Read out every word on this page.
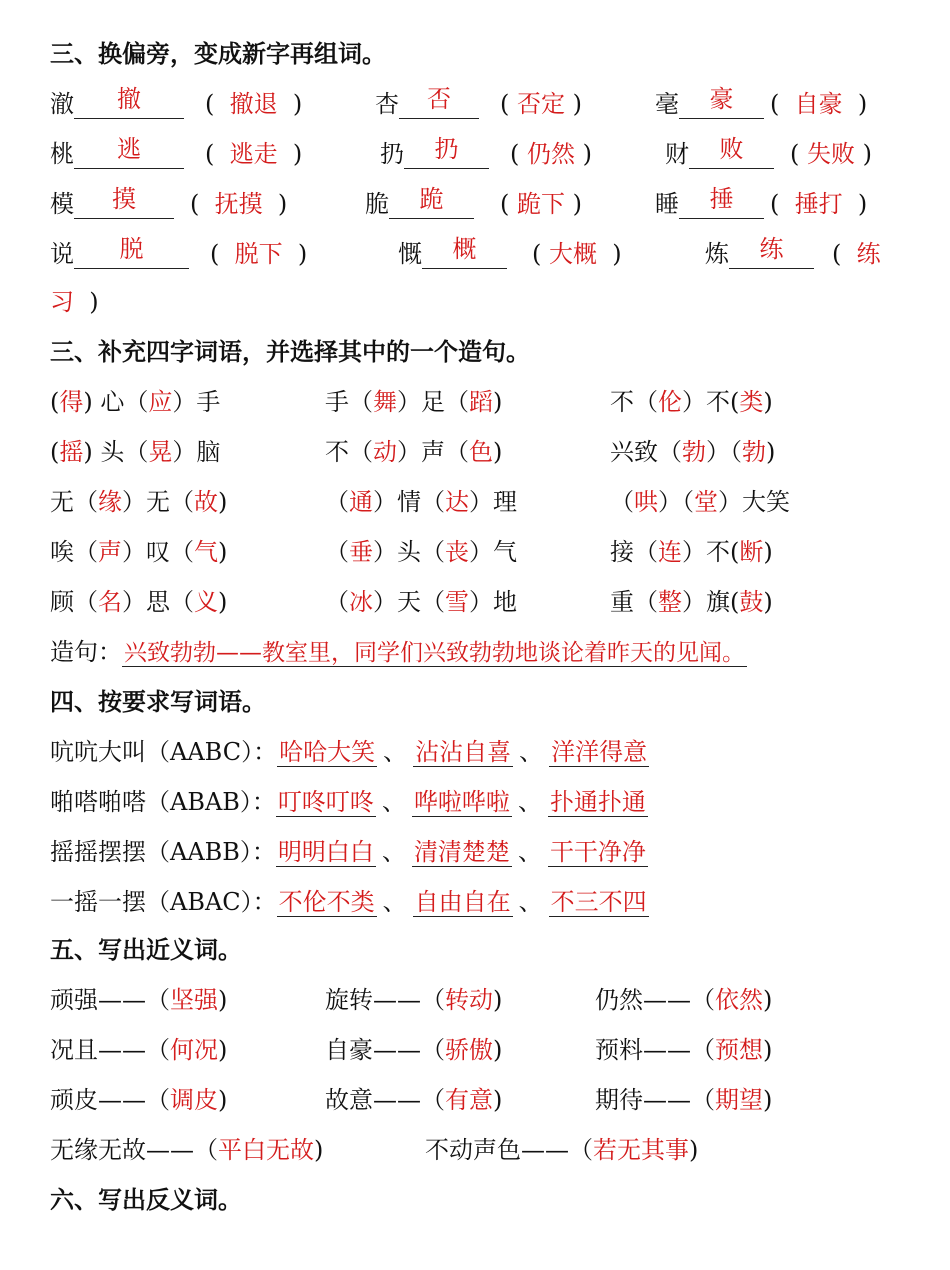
三、换偏旁，变成新字再组词。
澈 撤	(  撤退  )	杏 否	( 否定 )	毫 豪	(  自豪  )
桃 逃	(  逃走  )	扔 扔	( 仍然 )	财 败	( 失败 )
模 摸	(  抚摸  )	脆 跪	( 跪下 )	睡 捶	(  捶打  )
说 脱	(  脱下  )	慨 概	( 大概  )	炼 练	(  练
习  )
三、补充四字词语，并选择其中的一个造句。
造句：兴致勃勃——教室里，同学们兴致勃勃地谈论着昨天的见闻。
四、按要求写词语。
五、写出近义词。
六、写出反义词。
(得) 心（应）手	手（舞）足（蹈)	不（伦）不(类)
(摇) 头（晃）脑	不（动）声（色)	兴致（勃）（勃)
无（缘）无（故)	（通）情（达）理	（哄）（堂）大笑
唉（声）叹（气)	（垂）头（丧）气	接（连）不(断)
顾（名）思（义)	（冰）天（雪）地	重（整）旗(鼓)
吭吭大叫（AABC）：哈哈大笑 、 沾沾自喜 、 洋洋得意
啪嗒啪嗒（ABAB）：叮咚叮咚 、 哗啦哗啦 、 扑通扑通
摇摇摆摆（AABB）：明明白白 、 清清楚楚 、 干干净净
一摇一摆（ABAC）：不伦不类 、 自由自在 、 不三不四
顽强——（坚强)	旋转——（转动)	仍然——（依然)
况且——（何况)	自豪——（骄傲)	预料——（预想)
顽皮——（调皮)	故意——（有意)	期待——（期望)
无缘无故——（平白无故)	不动声色——（若无其事)
